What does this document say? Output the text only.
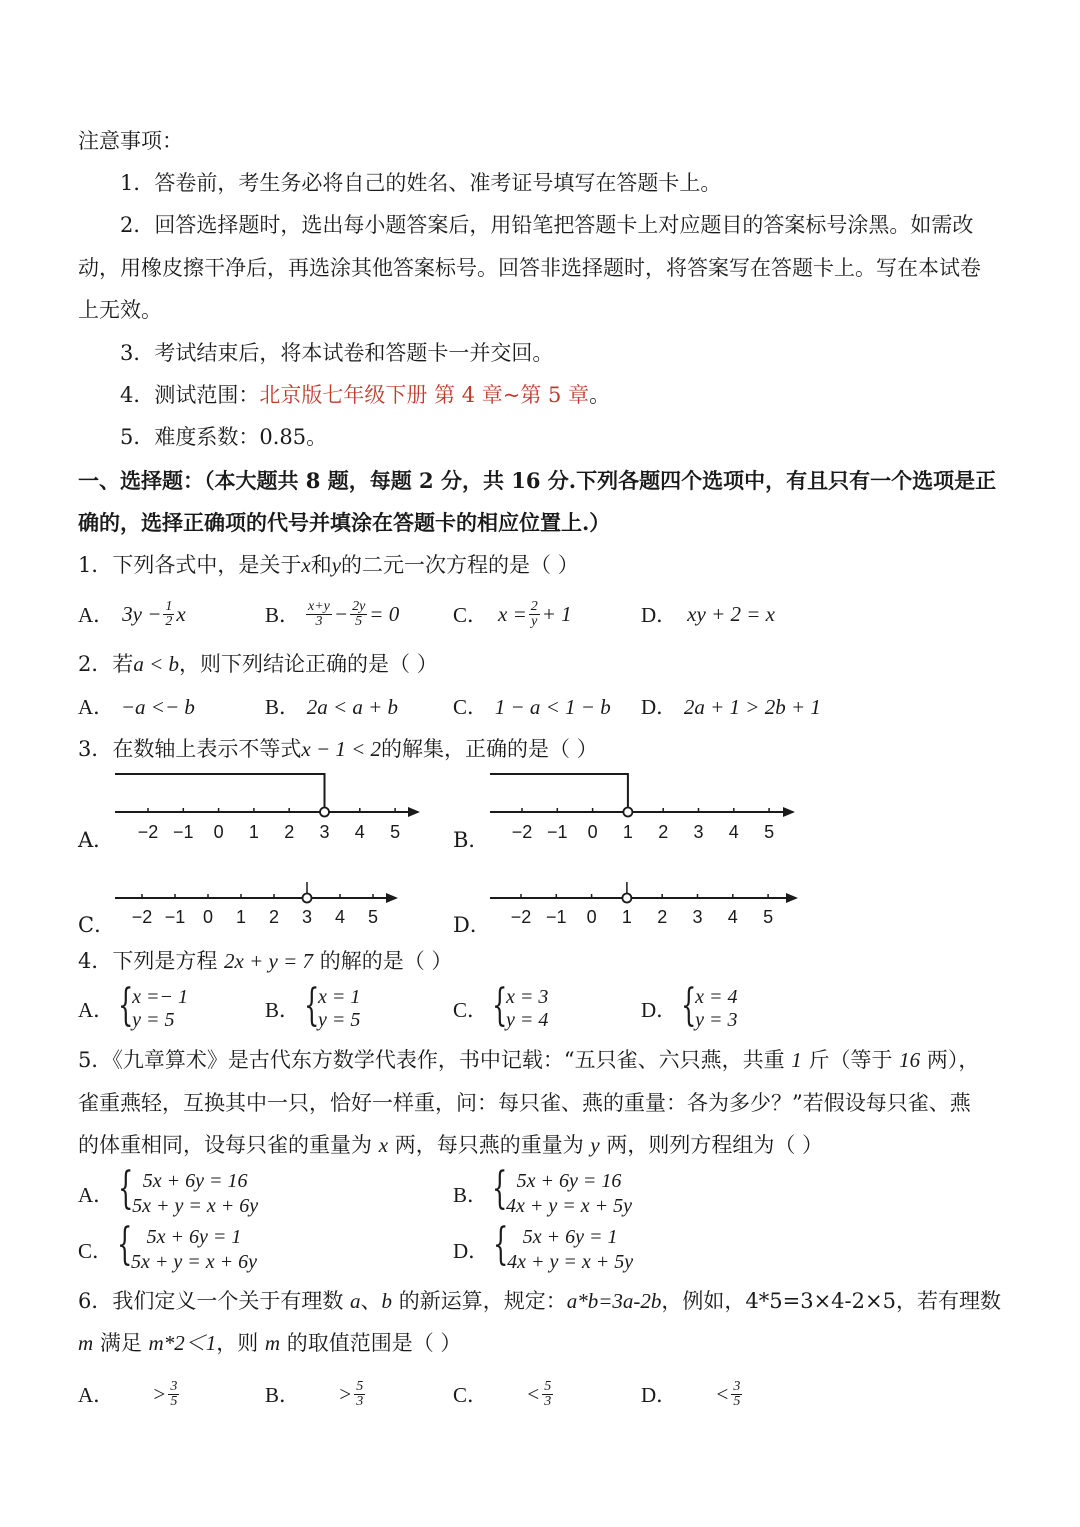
注意事项：
1．答卷前，考生务必将自己的姓名、准考证号填写在答题卡上。
2．回答选择题时，选出每小题答案后，用铅笔把答题卡上对应题目的答案标号涂黑。如需改
动，用橡皮擦干净后，再选涂其他答案标号。回答非选择题时，将答案写在答题卡上。写在本试卷
上无效。
3．考试结束后，将本试卷和答题卡一并交回。
4．测试范围：北京版七年级下册 第 4 章~第 5 章。
5．难度系数：0.85。
一、选择题：（本大题共 8 题，每题 2 分，共 16 分.下列各题四个选项中，有且只有一个选项是正
确的，选择正确项的代号并填涂在答题卡的相应位置上.）
1．下列各式中，是关于x和y的二元一次方程的是（ ）
A． $3y - \frac{1}{2}$ x	B． $\frac{x+y}{3} - \frac{2y}{5} = 0$	C． $x = \frac{2}{y} + 1$	D． xy + 2 = x
2．若a < b，则下列结论正确的是（ ）
A． −a <− b	B． 2a < a + b	C． 1 − a < 1 − b D． 2a + 1 > 2b + 1
3．在数轴上表示不等式x − 1 < 2的解集，正确的是（ ）
A．	B．
C．	D．
−2 −1 0 1 2 3 4 5	−2 −1 0 1 2 3 4 5
−2 −1 0 1 2 3 4 5	−2 −1 0 1 2 3 4 5
4．下列是方程 2x + y = 7 的解的是（ ）
A．
{ x =− 1
y = 5	B．
{ x = 1
y = 5	C．
{ x = 3
y = 4	D．
{ x = 4
y = 3
5．《九章算术》是古代东方数学代表作，书中记载：“五只雀、六只燕，共重 1 斤（等于 16 两），
雀重燕轻，互换其中一只，恰好一样重，问：每只雀、燕的重量：各为多少？”若假设每只雀、燕
的体重相同，设每只雀的重量为 x 两，每只燕的重量为 y 两，则列方程组为（ ）
A．
{ 5x + 6y = 16
5x + y = x + 6y	B．
{ 5x + 6y = 16
4x + y = x + 5y
C．
{ 5x + 6y = 1
5x + y = x + 6y	D．
{ 5x + 6y = 1
4x + y = x + 5y
6．我们定义一个关于有理数 a、b 的新运算，规定：a*b=3a-2b，例如，4*5=3×4-2×5，若有理数
m 满足 m*2＜1，则 m 的取值范围是（ ）
A． > $\frac{3}{5}$	B． > $\frac{5}{3}$	C． < $\frac{5}{3}$	D． < $\frac{3}{5}$
